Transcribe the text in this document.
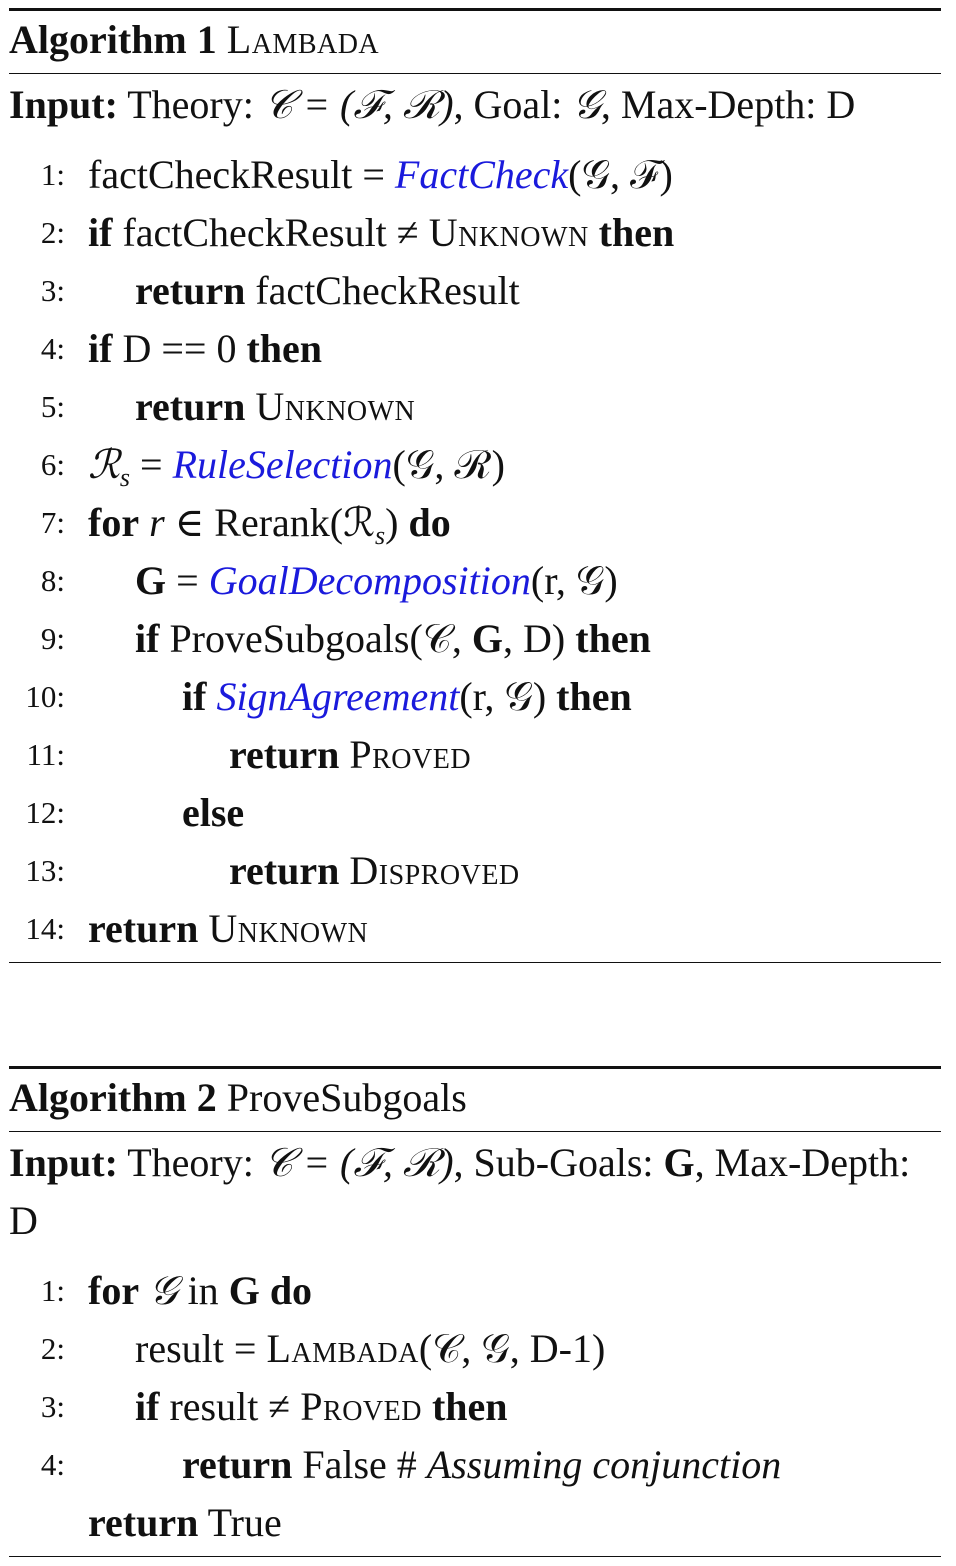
Algorithm 1 Lambada
Input: Theory: 𝒞 = (ℱ, ℛ), Goal: 𝒢, Max-Depth: D
1: factCheckResult = FactCheck(𝒢, ℱ)
2: if factCheckResult ≠ Unknown then
3: return factCheckResult
4: if D == 0 then
5: return Unknown
6: ℛ$_s$ = RuleSelection(𝒢, ℛ)
7: for r ∈ Rerank(ℛ$_s$) do
8: G = GoalDecomposition(r, 𝒢)
9: if ProveSubgoals(𝒞, G, D) then
10:	if SignAgreement(r, 𝒢) then
11:	return Proved
12:	else
13:	return Disproved
14: return Unknown
Algorithm 2 ProveSubgoals
Input: Theory: 𝒞 = (ℱ, ℛ), Sub-Goals: G, Max-Depth: D
1: for 𝒢 in G do
2: result = Lambada(𝒞, 𝒢, D-1)
3: if result ≠ Proved then
4:	return False # Assuming conjunction
return True
